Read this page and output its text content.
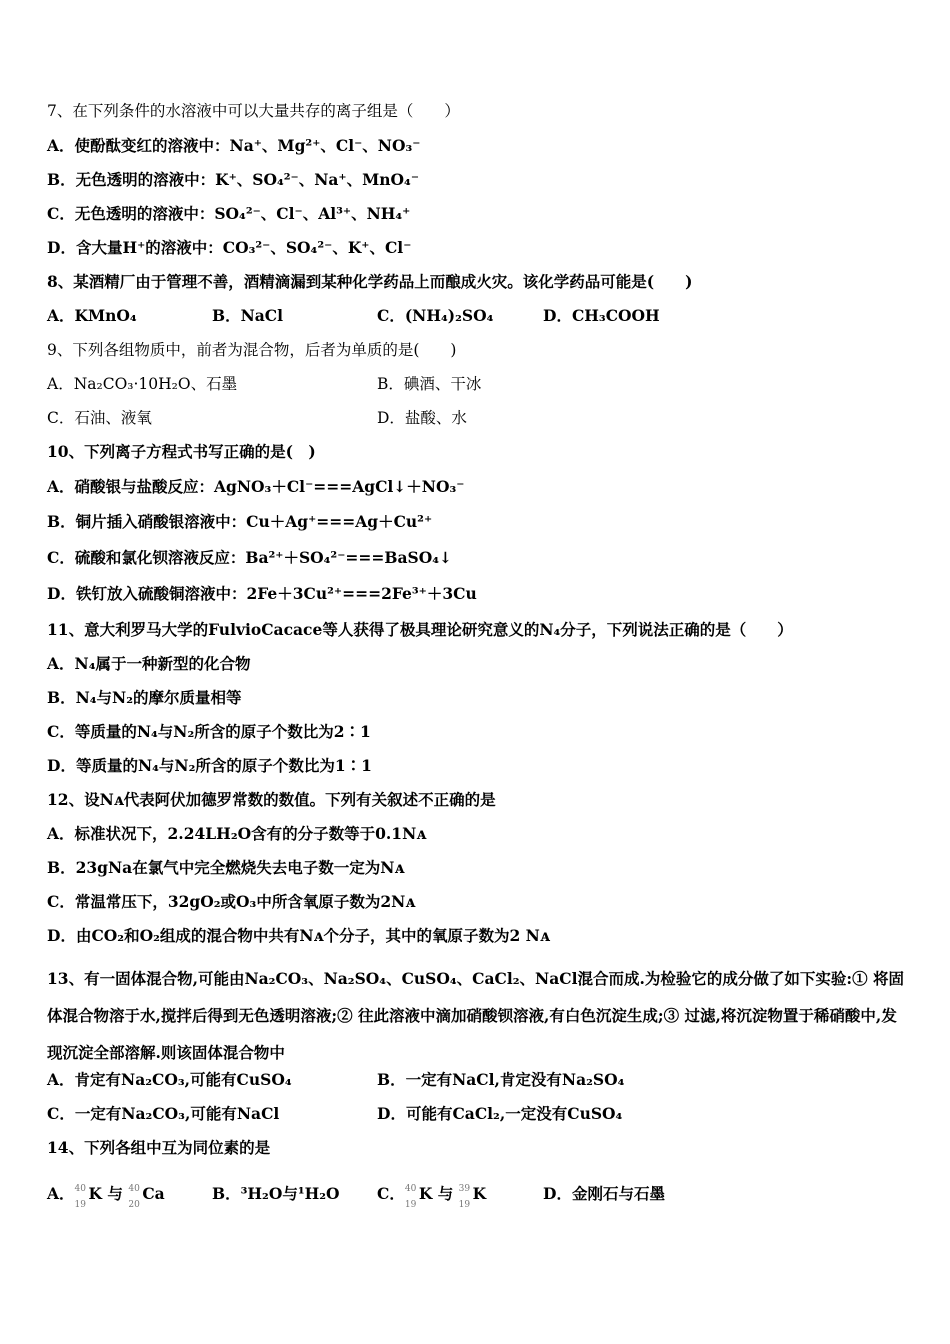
7、在下列条件的水溶液中可以大量共存的离子组是（　　）
A．使酚酞变红的溶液中：Na⁺、Mg²⁺、Cl⁻、NO₃⁻
B．无色透明的溶液中：K⁺、SO₄²⁻、Na⁺、MnO₄⁻
C．无色透明的溶液中：SO₄²⁻、Cl⁻、Al³⁺、NH₄⁺
D．含大量H⁺的溶液中：CO₃²⁻、SO₄²⁻、K⁺、Cl⁻
8、某酒精厂由于管理不善，酒精滴漏到某种化学药品上而酿成火灾。该化学药品可能是(　　)
A．KMnO₄	B．NaCl	C．(NH₄)₂SO₄	D．CH₃COOH
9、下列各组物质中，前者为混合物，后者为单质的是(　　)
A．Na₂CO₃·10H₂O、石墨	B．碘酒、干冰
C．石油、液氧	D．盐酸、水
10、下列离子方程式书写正确的是(　)
A．硝酸银与盐酸反应：AgNO₃＋Cl⁻===AgCl↓＋NO₃⁻
B．铜片插入硝酸银溶液中：Cu＋Ag⁺===Ag＋Cu²⁺
C．硫酸和氯化钡溶液反应：Ba²⁺＋SO₄²⁻===BaSO₄↓
D．铁钉放入硫酸铜溶液中：2Fe＋3Cu²⁺===2Fe³⁺＋3Cu
11、意大利罗马大学的FulvioCacace等人获得了极具理论研究意义的N₄分子，下列说法正确的是（　　）
A．N₄属于一种新型的化合物
B．N₄与N₂的摩尔质量相等
C．等质量的N₄与N₂所含的原子个数比为2∶1
D．等质量的N₄与N₂所含的原子个数比为1∶1
12、设Nᴀ代表阿伏加德罗常数的数值。下列有关叙述不正确的是
A．标准状况下，2.24LH₂O含有的分子数等于0.1Nᴀ
B．23gNa在氯气中完全燃烧失去电子数一定为Nᴀ
C．常温常压下，32gO₂或O₃中所含氧原子数为2Nᴀ
D．由CO₂和O₂组成的混合物中共有Nᴀ个分子，其中的氧原子数为2 Nᴀ
13、有一固体混合物,可能由Na₂CO₃、Na₂SO₄、CuSO₄、CaCl₂、NaCl混合而成.为检验它的成分做了如下实验:① 将固体混合物溶于水,搅拌后得到无色透明溶液;② 往此溶液中滴加硝酸钡溶液,有白色沉淀生成;③ 过滤,将沉淀物置于稀硝酸中,发现沉淀全部溶解.则该固体混合物中
A．肯定有Na₂CO₃,可能有CuSO₄	B．一定有NaCl,肯定没有Na₂SO₄
C．一定有Na₂CO₃,可能有NaCl	D．可能有CaCl₂,一定没有CuSO₄
14、下列各组中互为同位素的是
A． 40
19
K 与 40
20
Ca	B．³H₂O与¹H₂O C． 40
19
K 与 39
19
K	D．金刚石与石墨
